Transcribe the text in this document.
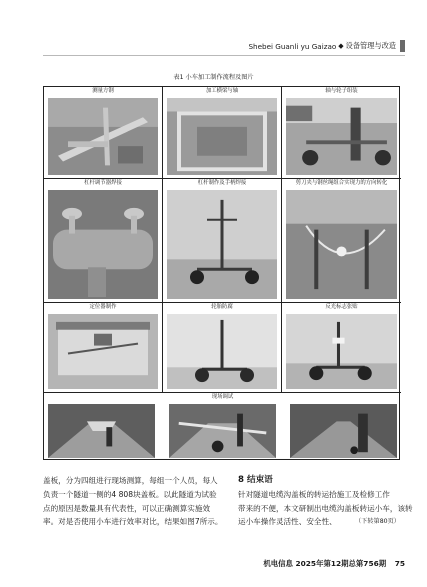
Shebei Guanli yu Gaizao ◆ 设备管理与改造
表1 小车加工制作流程及图片
测量方钢	加工横梁与轴	轴与轮子组装
杠杆调节器焊接	杠杆制作及手柄焊接	剪刀夹与钢丝绳组合实现力的方向转化
定位器制作	轮胎防腐	反光标志张贴
现场调试
盖板，分为四组进行现场测算，每组一个人员，每人
负责一个隧道一侧的4 808块盖板。以此隧道为试验
点的原因是数量具有代表性，可以正确测算实施效
率。对是否使用小车进行效率对比，结果如图7所示。
8 结束语
针对隧道电缆沟盖板的转运拾施工及检修工作
带来的不便，本文研制出电缆沟盖板转运小车，该转
运小车操作灵活性、安全性、	（下转第80页）
机电信息 2025年第12期总第756期 75
